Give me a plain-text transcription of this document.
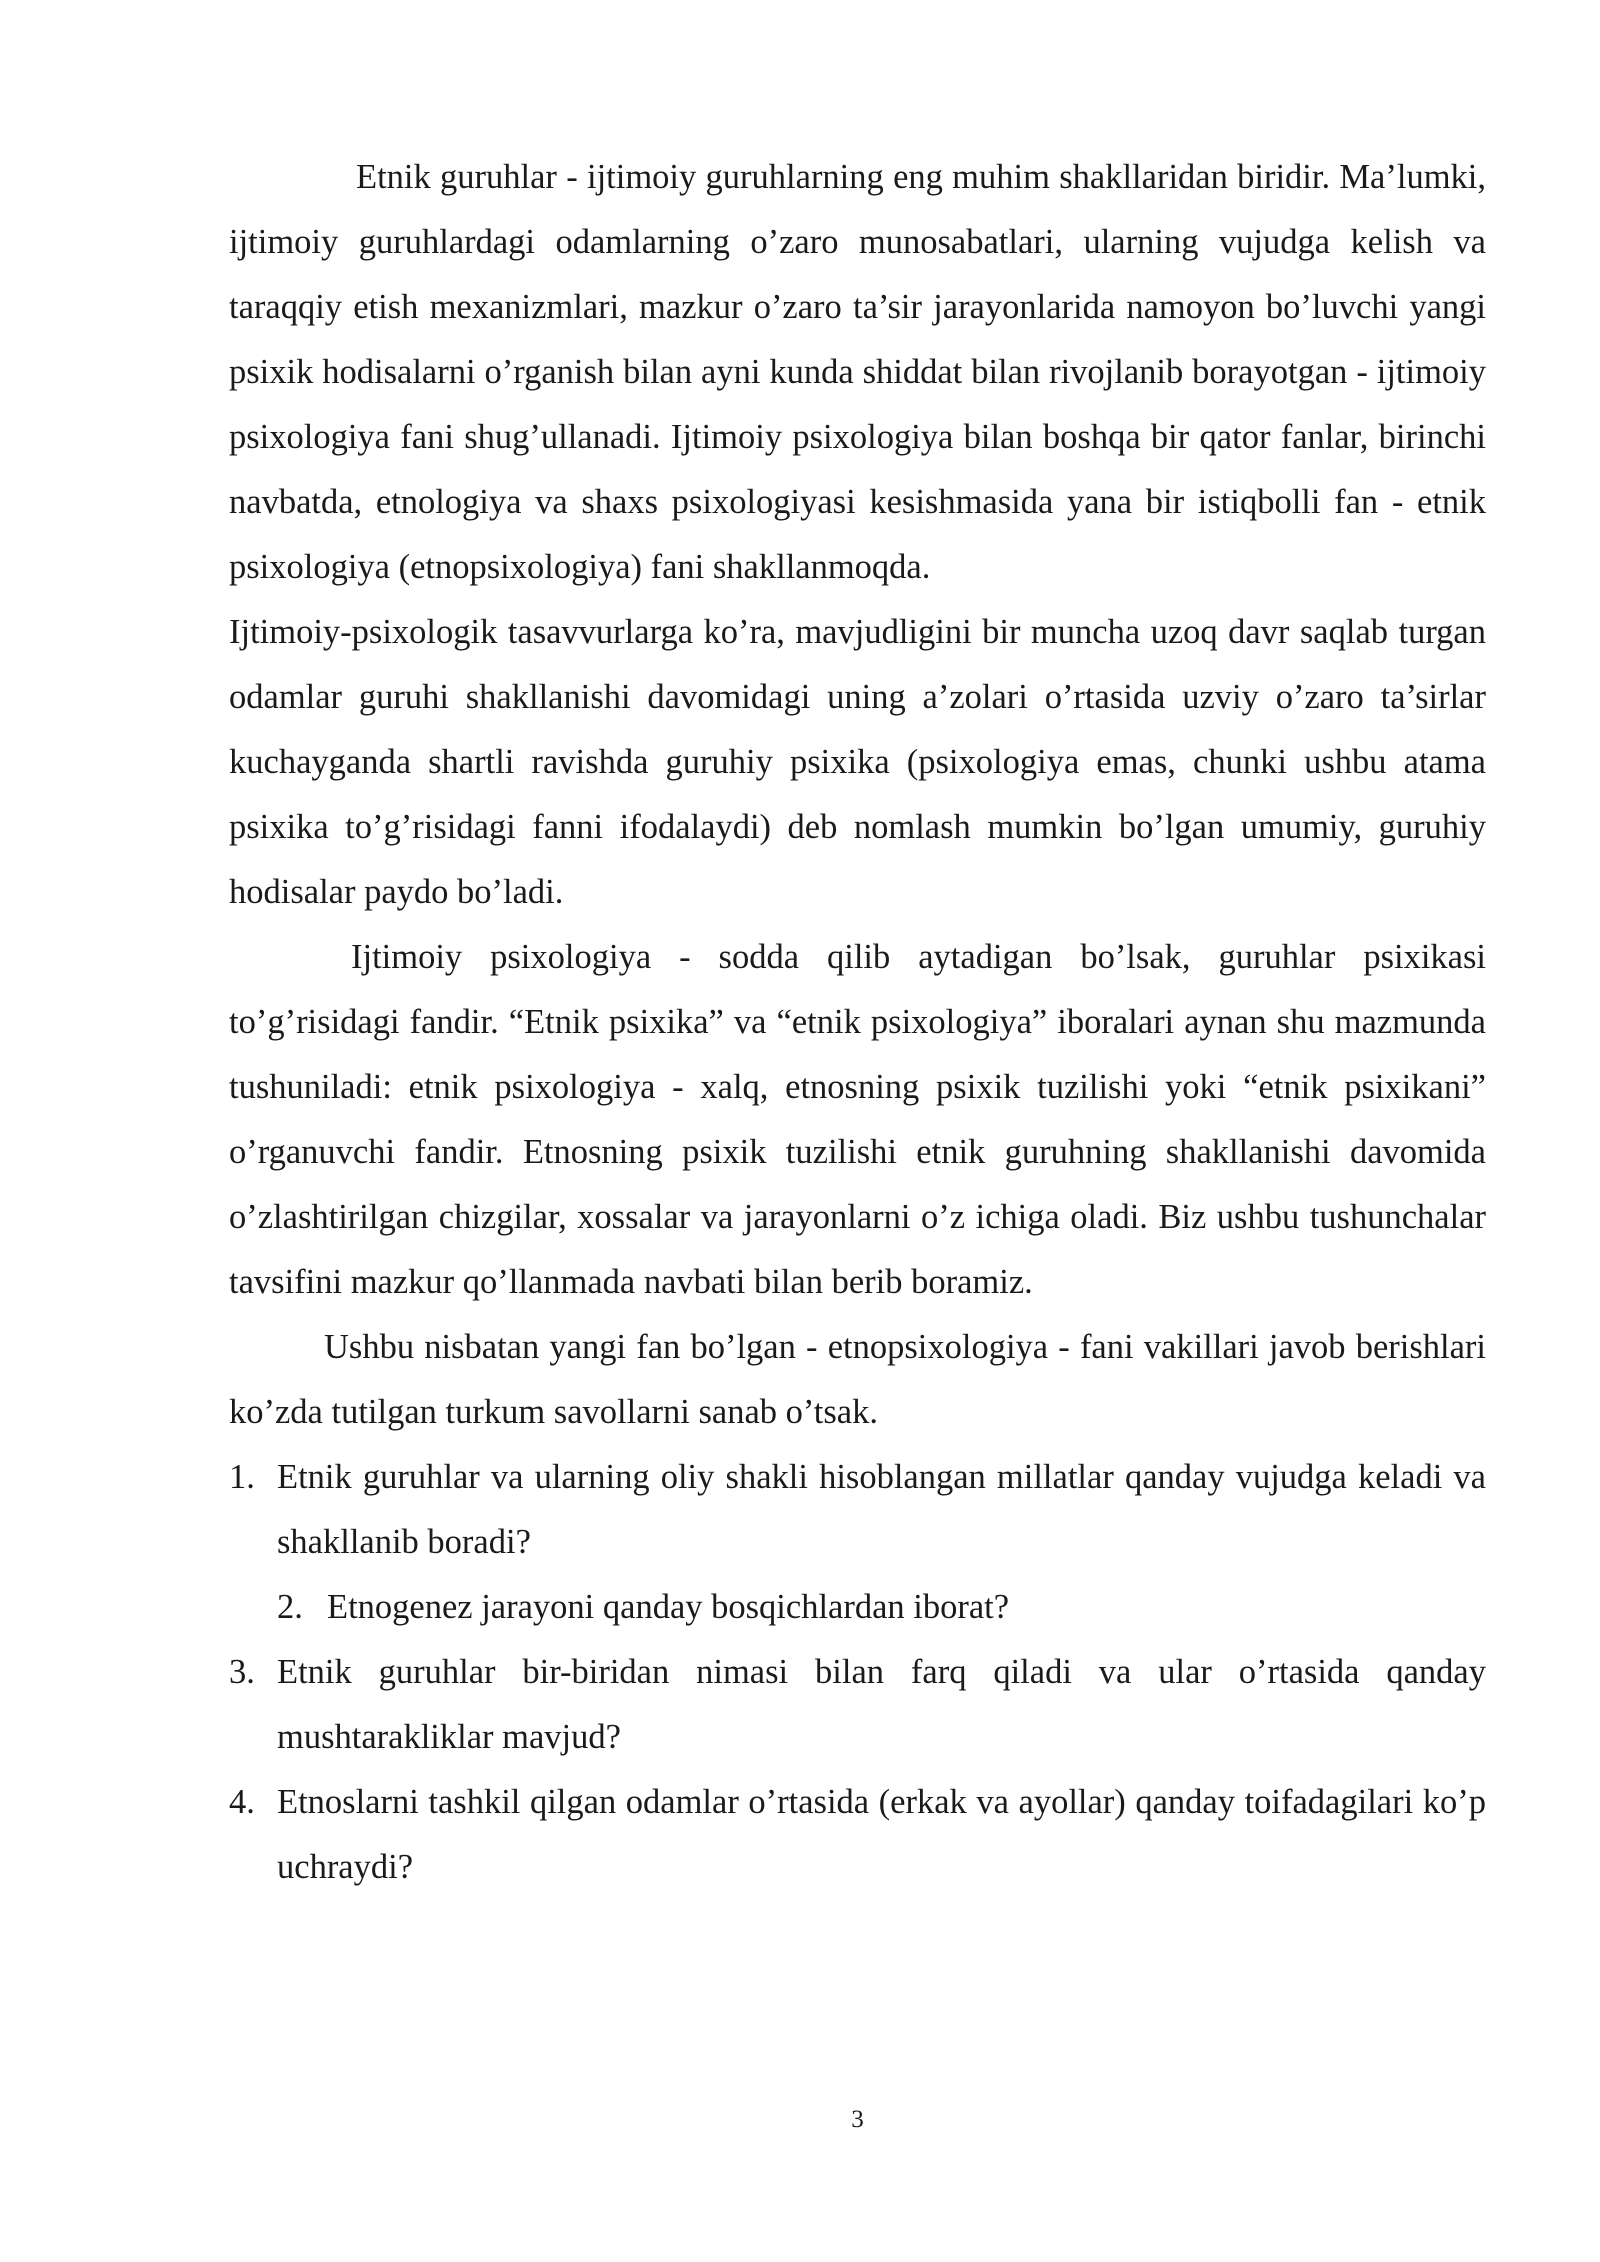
Etnik guruhlar - ijtimoiy guruhlarning eng muhim shakllaridan biridir. Ma’lumki, ijtimoiy guruhlardagi odamlarning o’zaro munosabatlari, ularning vujudga kelish va taraqqiy etish mexanizmlari, mazkur o’zaro ta’sir jarayonlarida namoyon bo’luvchi yangi psixik hodisalarni o’rganish bilan ayni kunda shiddat bilan rivojlanib borayotgan - ijtimoiy psixologiya fani shug’ullanadi. Ijtimoiy psixologiya bilan boshqa bir qator fanlar, birinchi navbatda, etnologiya va shaxs psixologiyasi kesishmasida yana bir istiqbolli fan - etnik psixologiya (etnopsixologiya) fani shakllanmoqda.

Ijtimoiy-psixologik tasavvurlarga ko’ra, mavjudligini bir muncha uzoq davr saqlab turgan odamlar guruhi shakllanishi davomidagi uning a’zolari o’rtasida uzviy o’zaro ta’sirlar kuchayganda shartli ravishda guruhiy psixika (psixologiya emas, chunki ushbu atama psixika to’g’risidagi fanni ifodalaydi) deb nomlash mumkin bo’lgan umumiy, guruhiy hodisalar paydo bo’ladi.

Ijtimoiy psixologiya - sodda qilib aytadigan bo’lsak, guruhlar psixikasi to’g’risidagi fandir. “Etnik psixika” va “etnik psixologiya” iboralari aynan shu mazmunda tushuniladi: etnik psixologiya - xalq, etnosning psixik tuzilishi yoki “etnik psixikani” o’rganuvchi fandir. Etnosning psixik tuzilishi etnik guruhning shakllanishi davomida o’zlashtirilgan chizgilar, xossalar va jarayonlarni o’z ichiga oladi. Biz ushbu tushunchalar tavsifini mazkur qo’llanmada navbati bilan berib boramiz.

Ushbu nisbatan yangi fan bo’lgan - etnopsixologiya - fani vakillari javob berishlari ko’zda tutilgan turkum savollarni sanab o’tsak.

1. Etnik guruhlar va ularning oliy shakli hisoblangan millatlar qanday vujudga keladi va shakllanib boradi?
2. Etnogenez jarayoni qanday bosqichlardan iborat?
3. Etnik guruhlar bir-biridan nimasi bilan farq qiladi va ular o’rtasida qanday mushtarakliklar mavjud?
4. Etnoslarni tashkil qilgan odamlar o’rtasida (erkak va ayollar) qanday toifadagilari ko’p uchraydi?
3
